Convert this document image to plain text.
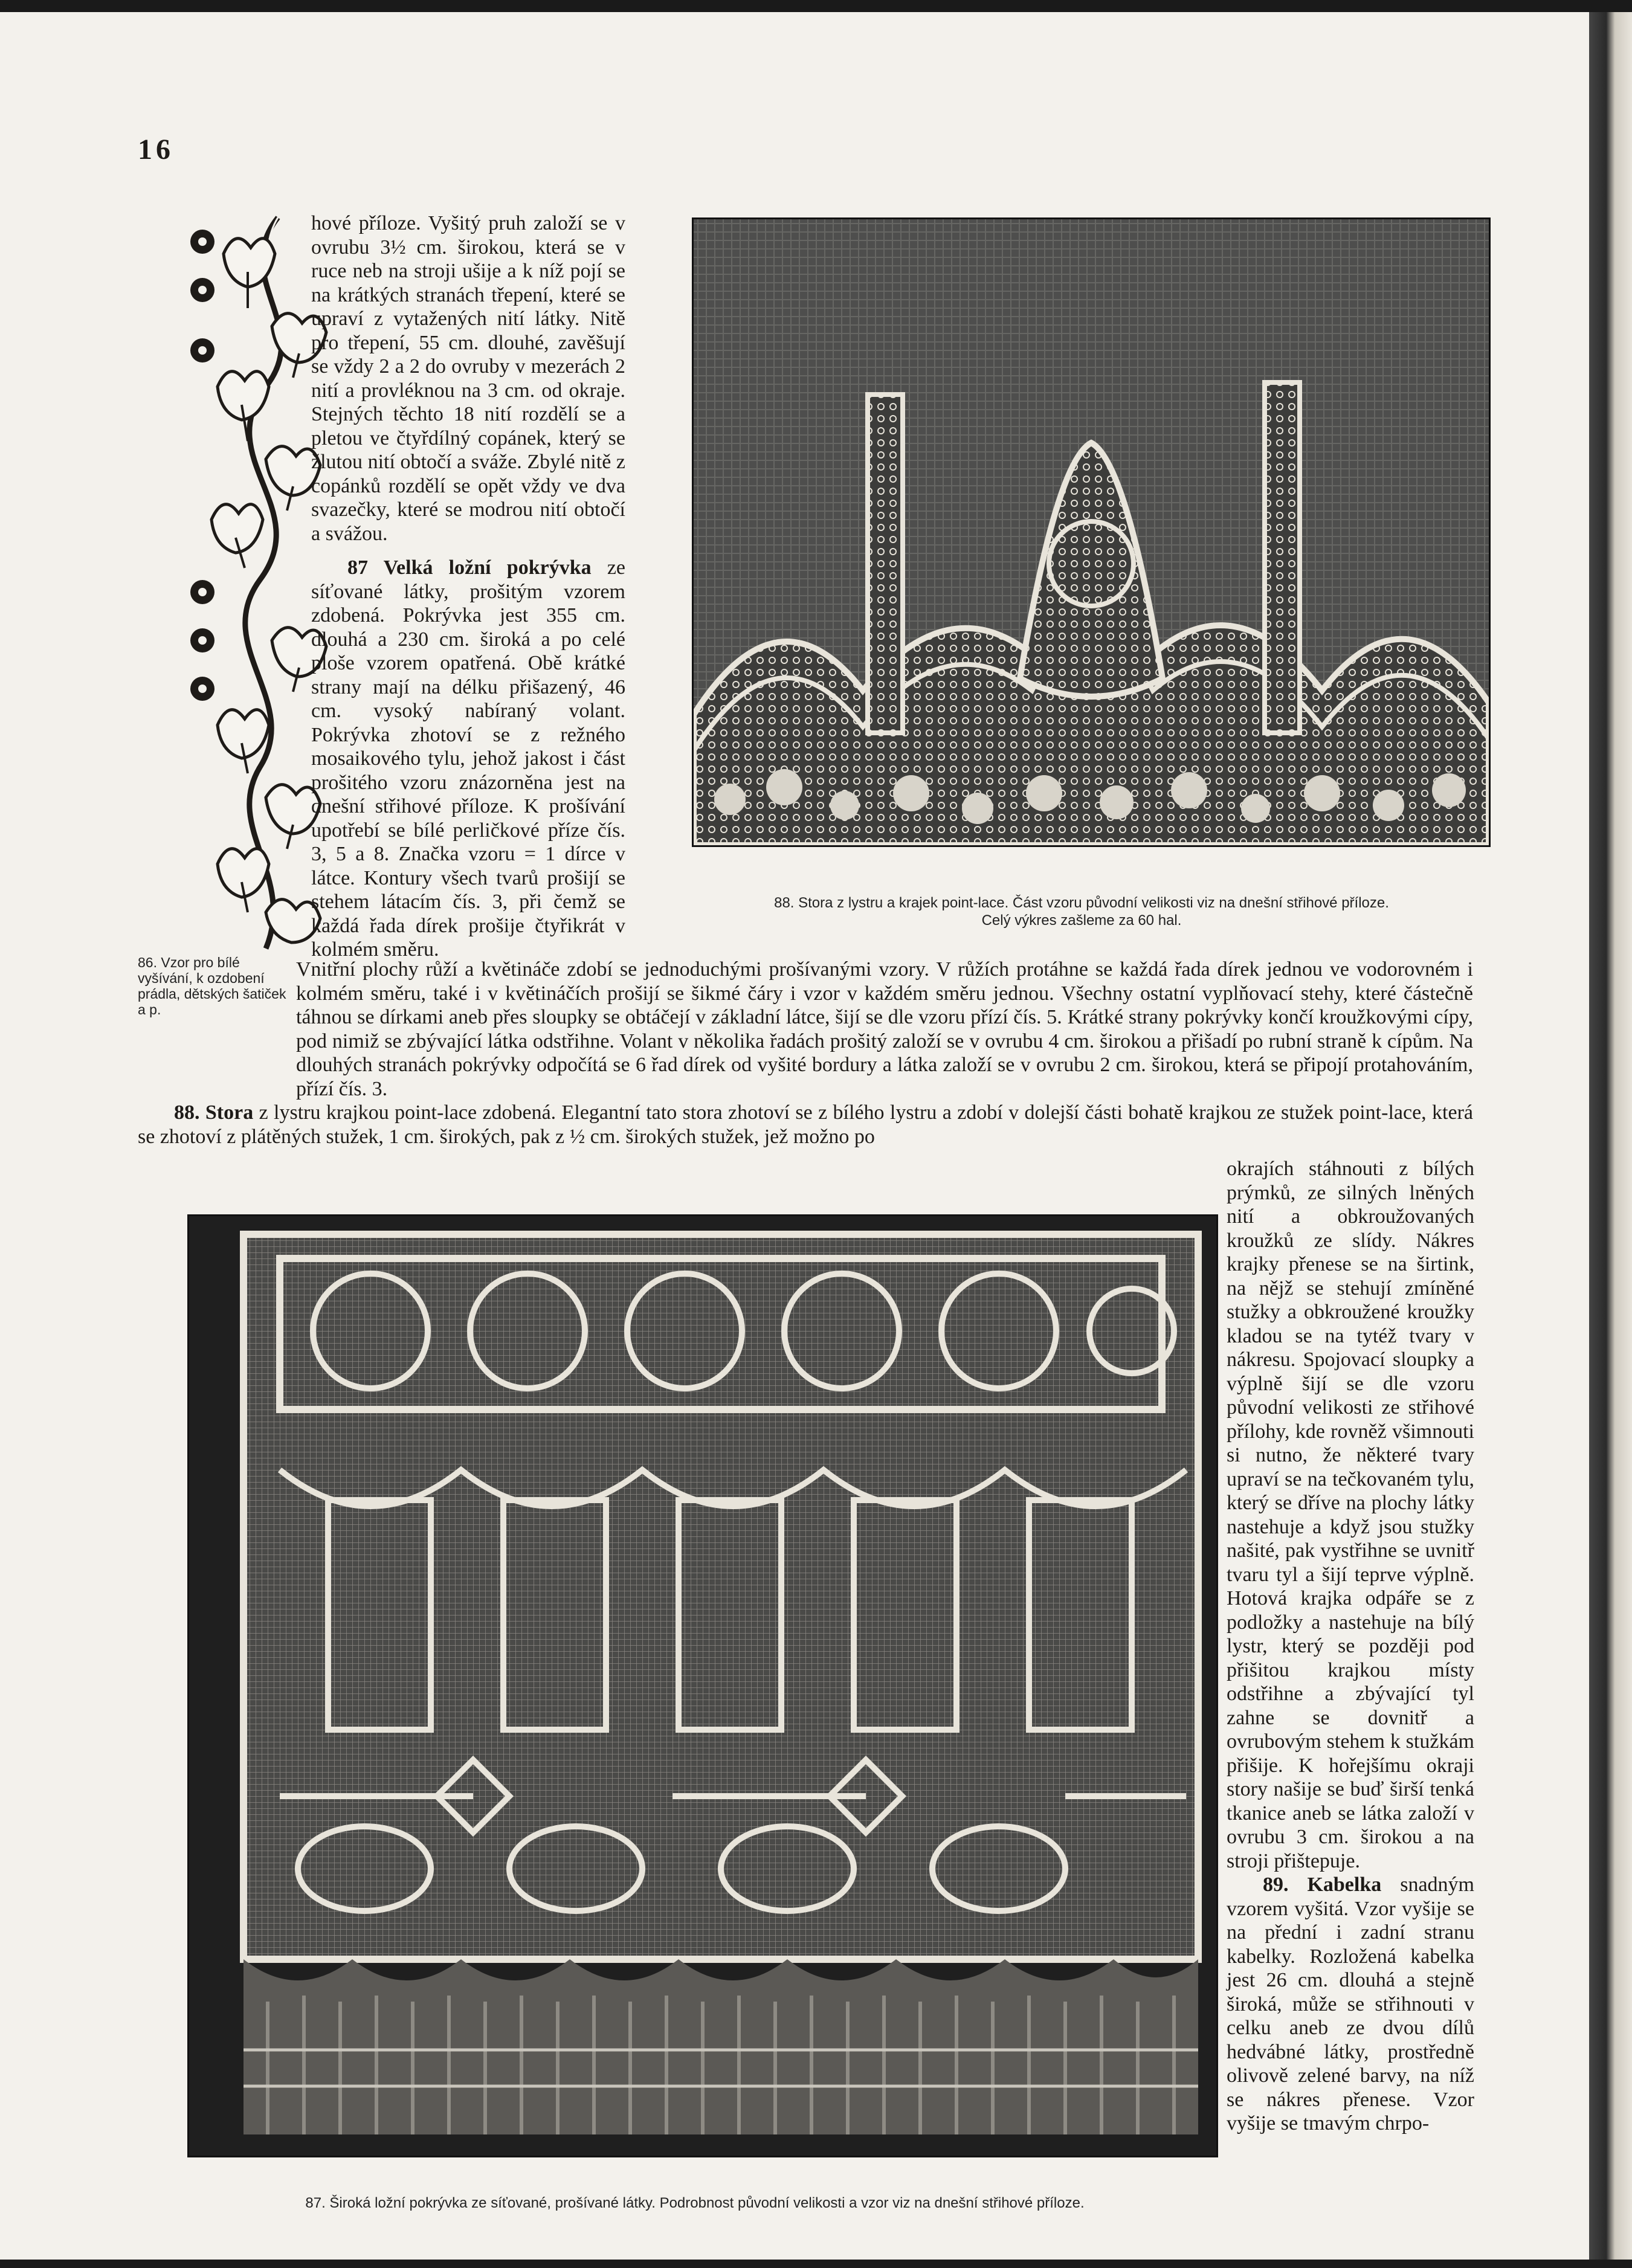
16

hové příloze. Vyšitý pruh založí se v ovrubu 3½ cm. širokou, která se v ruce neb na stroji ušije a k níž pojí se na krátkých stranách třepení, které se upraví z vytažených nití látky. Nitě pro třepení, 55 cm. dlouhé, zavěšují se vždy 2 a 2 do ovruby v mezerách 2 nití a provléknou na 3 cm. od okraje. Stejných těchto 18 nití rozdělí se a pletou ve čtyřdílný copánek, který se žlutou nití obtočí a sváže. Zbylé nitě z copánků rozdělí se opět vždy ve dva svazečky, které se modrou nití obtočí a svážou.

87 Velká ložní pokrývka ze síťované látky, prošitým vzorem zdobená. Pokrývka jest 355 cm. dlouhá a 230 cm. široká a po celé ploše vzorem opatřená. Obě krátké strany mají na délku přišazený, 46 cm. vysoký nabíraný volant. Pokrývka zhotoví se z režného mosaikového tylu, jehož jakost i část prošitého vzoru znázorněna jest na dnešní střihové příloze. K prošívání upotřebí se bílé perličkové příze čís. 3, 5 a 8. Značka vzoru = 1 dírce v látce. Kontury všech tvarů prošijí se stehem látacím čís. 3, při čemž se každá řada dírek prošije čtyřikrát v kolmém směru.

86. Vzor pro bílé vyšívání, k ozdobení prádla, dětských šatiček a p.
88. Stora z lystru a krajek point-lace. Část vzoru původní velikosti viz na dnešní střihové příloze.
Celý výkres zašleme za 60 hal.

Vnitřní plochy růží a květináče zdobí se jednoduchými prošívanými vzory. V růžích protáhne se každá řada dírek jednou ve vodorovném i kolmém směru, také i v květináčích prošijí se šikmé čáry i vzor v každém směru jednou. Všechny ostatní vyplňovací stehy, které částečně táhnou se dírkami aneb přes sloupky se obtáčejí v základní látce, šijí se dle vzoru přízí čís. 5. Krátké strany pokrývky končí kroužkovými cípy, pod nimiž se zbývající látka odstřihne. Volant v několika řadách prošitý založí se v ovrubu 4 cm. širokou a přišadí po rubní straně k cípům. Na dlouhých stranách pokrývky odpočítá se 6 řad dírek od vyšité bordury a látka založí se v ovrubu 2 cm. širokou, která se připojí protahováním, přízí čís. 3.

88. Stora z lystru krajkou point-lace zdobená. Elegantní tato stora zhotoví se z bílého lystru a zdobí v dolejší části bohatě krajkou ze stužek point-lace, která se zhotoví z plátěných stužek, 1 cm. širokých, pak z ½ cm. širokých stužek, jež možno po

okrajích stáhnouti z bílých prýmků, ze silných lněných nití a obkroužovaných kroužků ze slídy. Nákres krajky přenese se na širtink, na nějž se stehují zmíněné stužky a obkroužené kroužky kladou se na tytéž tvary v nákresu. Spojovací sloupky a výplně šijí se dle vzoru původní velikosti ze střihové přílohy, kde rovněž všimnouti si nutno, že některé tvary upraví se na tečkovaném tylu, který se dříve na plochy látky nastehuje a když jsou stužky našité, pak vystřihne se uvnitř tvaru tyl a šijí teprve výplně. Hotová krajka odpáře se z podložky a nastehuje na bílý lystr, který se později pod přišitou krajkou místy odstřihne a zbývající tyl zahne se dovnitř a ovrubovým stehem k stužkám přišije. K hořejšímu okraji story našije se buď širší tenká tkanice aneb se látka založí v ovrubu 3 cm. širokou a na stroji přištepuje.

89. Kabelka snadným vzorem vyšitá. Vzor vyšije se na přední i zadní stranu kabelky. Rozložená kabelka jest 26 cm. dlouhá a stejně široká, může se střihnouti v celku aneb ze dvou dílů hedvábné látky, prostředně olivově zelené barvy, na níž se nákres přenese. Vzor vyšije se tmavým chrpo-

87. Široká ložní pokrývka ze síťované, prošívané látky. Podrobnost původní velikosti a vzor viz na dnešní střihové příloze.
